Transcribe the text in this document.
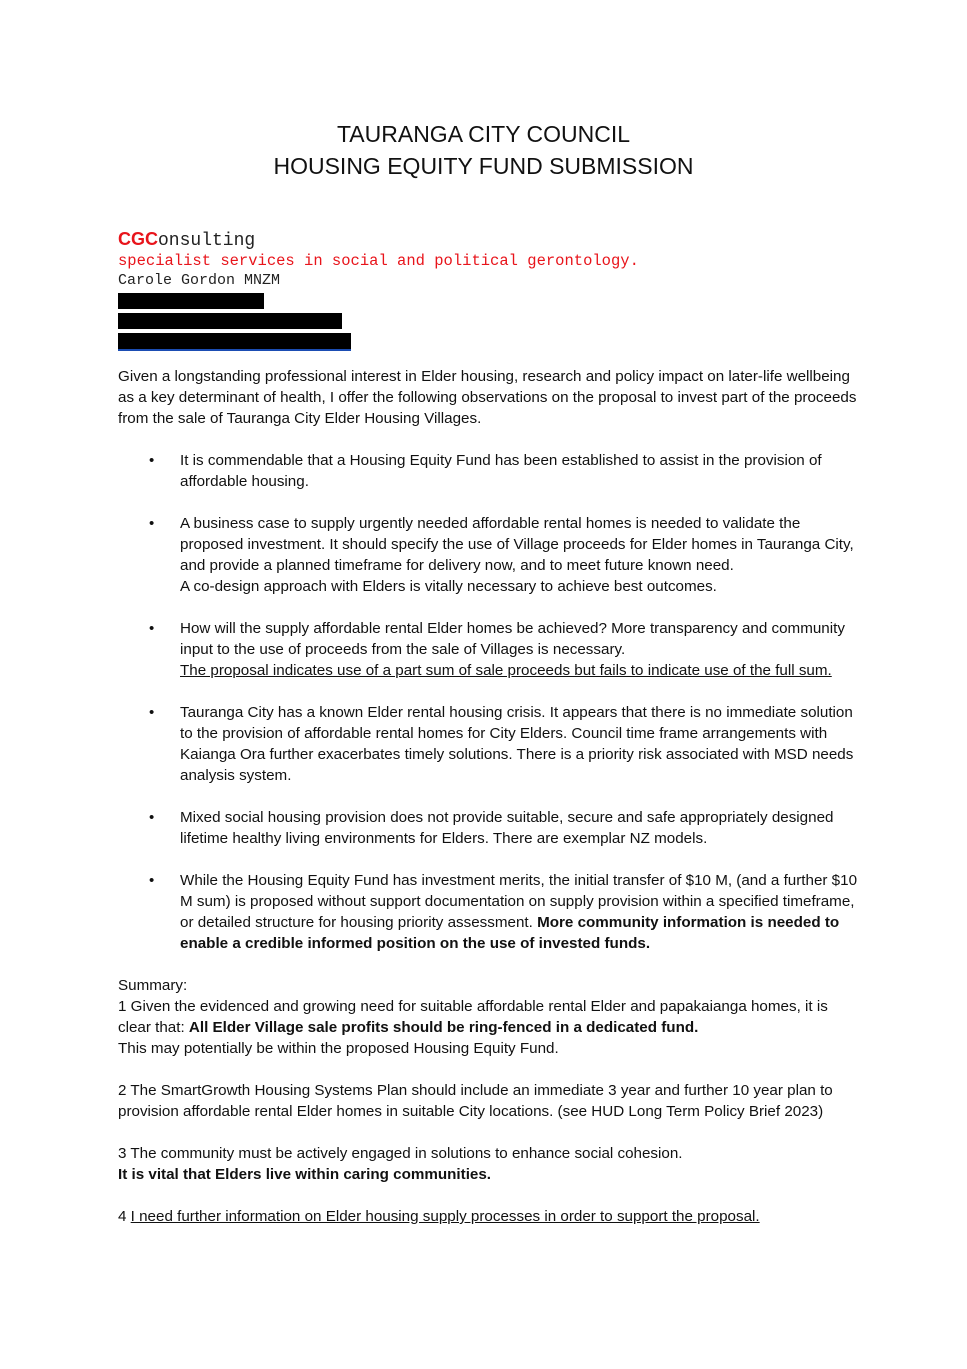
TAURANGA CITY COUNCIL
HOUSING EQUITY FUND SUBMISSION
CGConsulting
specialist services in social and political gerontology.
Carole Gordon MNZM

Given a longstanding professional interest in Elder housing, research and policy impact on later-life wellbeing as a key determinant of health, I offer the following observations on the proposal to invest part of the proceeds from the sale of Tauranga City Elder Housing Villages.

• It is commendable that a Housing Equity Fund has been established to assist in the provision of affordable housing.
• A business case to supply urgently needed affordable rental homes is needed to validate the proposed investment. It should specify the use of Village proceeds for Elder homes in Tauranga City, and provide a planned timeframe for delivery now, and to meet future known need.
A co-design approach with Elders is vitally necessary to achieve best outcomes.
• How will the supply affordable rental Elder homes be achieved? More transparency and community input to the use of proceeds from the sale of Villages is necessary.
The proposal indicates use of a part sum of sale proceeds but fails to indicate use of the full sum.
• Tauranga City has a known Elder rental housing crisis. It appears that there is no immediate solution to the provision of affordable rental homes for City Elders. Council time frame arrangements with Kaianga Ora further exacerbates timely solutions. There is a priority risk associated with MSD needs analysis system.
• Mixed social housing provision does not provide suitable, secure and safe appropriately designed lifetime healthy living environments for Elders. There are exemplar NZ models.
• While the Housing Equity Fund has investment merits, the initial transfer of $10 M, (and a further $10 M sum) is proposed without support documentation on supply provision within a specified timeframe, or detailed structure for housing priority assessment. More community information is needed to enable a credible informed position on the use of invested funds.

Summary:

1 Given the evidenced and growing need for suitable affordable rental Elder and papakaianga homes, it is clear that: All Elder Village sale profits should be ring-fenced in a dedicated fund.

This may potentially be within the proposed Housing Equity Fund.

2 The SmartGrowth Housing Systems Plan should include an immediate 3 year and further 10 year plan to provision affordable rental Elder homes in suitable City locations. (see HUD Long Term Policy Brief 2023)

3 The community must be actively engaged in solutions to enhance social cohesion.

It is vital that Elders live within caring communities.

4 I need further information on Elder housing supply processes in order to support the proposal.
